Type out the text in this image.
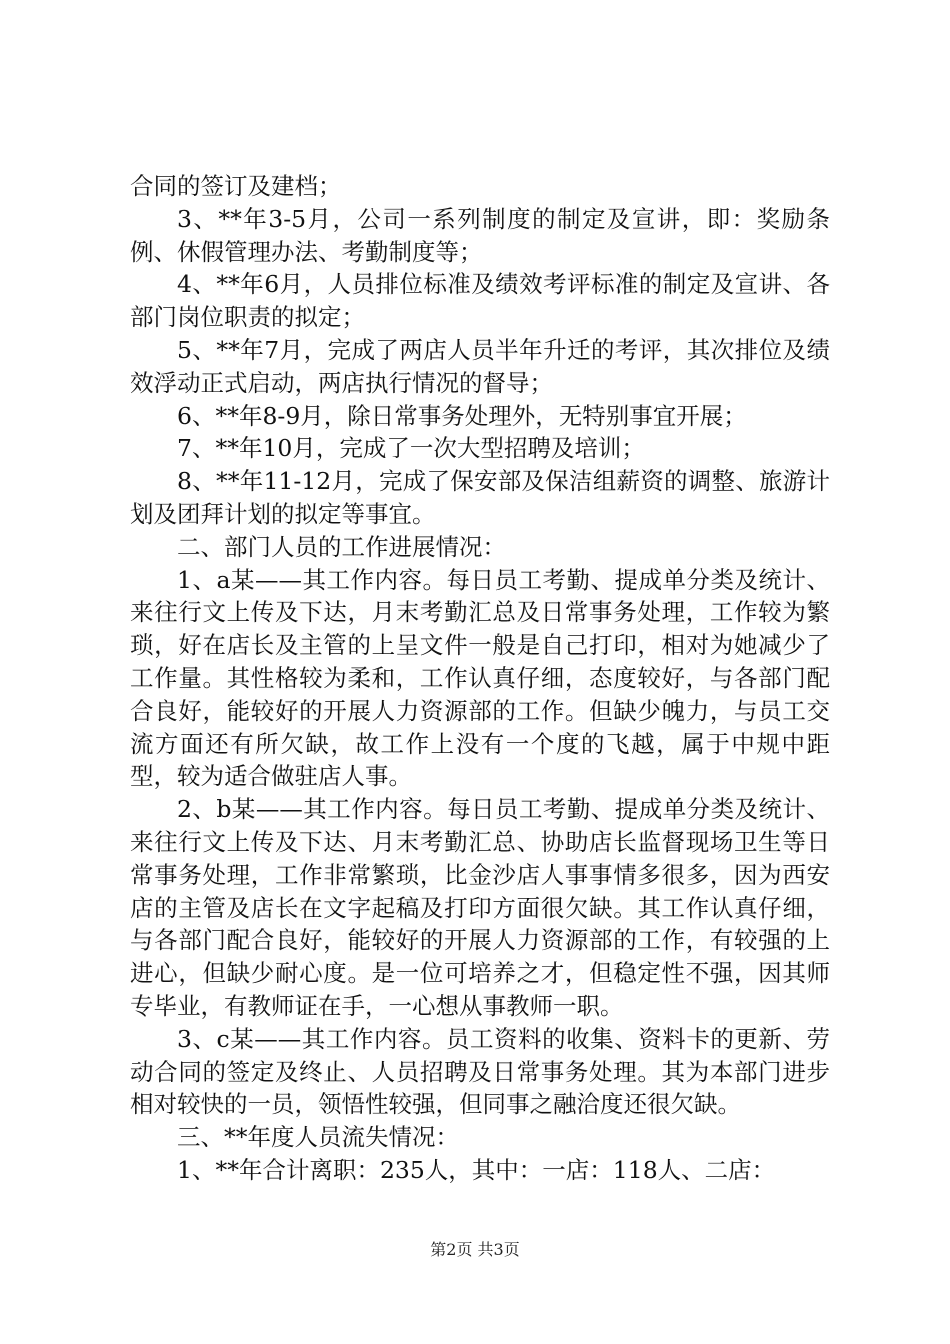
合同的签订及建档；

3、**年3-5月，公司一系列制度的制定及宣讲，即：奖励条例、休假管理办法、考勤制度等；

4、**年6月，人员排位标准及绩效考评标准的制定及宣讲、各部门岗位职责的拟定；

5、**年7月，完成了两店人员半年升迁的考评，其次排位及绩效浮动正式启动，两店执行情况的督导；

6、**年8-9月，除日常事务处理外，无特别事宜开展；

7、**年10月，完成了一次大型招聘及培训；

8、**年11-12月，完成了保安部及保洁组薪资的调整、旅游计划及团拜计划的拟定等事宜。

二、部门人员的工作进展情况：

1、a某——其工作内容。每日员工考勤、提成单分类及统计、来往行文上传及下达，月末考勤汇总及日常事务处理，工作较为繁琐，好在店长及主管的上呈文件一般是自己打印，相对为她减少了工作量。其性格较为柔和，工作认真仔细，态度较好，与各部门配合良好，能较好的开展人力资源部的工作。但缺少魄力，与员工交流方面还有所欠缺，故工作上没有一个度的飞越，属于中规中距型，较为适合做驻店人事。

2、b某——其工作内容。每日员工考勤、提成单分类及统计、来往行文上传及下达、月末考勤汇总、协助店长监督现场卫生等日常事务处理，工作非常繁琐，比金沙店人事事情多很多，因为西安店的主管及店长在文字起稿及打印方面很欠缺。其工作认真仔细，与各部门配合良好，能较好的开展人力资源部的工作，有较强的上进心，但缺少耐心度。是一位可培养之才，但稳定性不强，因其师专毕业，有教师证在手，一心想从事教师一职。

3、c某——其工作内容。员工资料的收集、资料卡的更新、劳动合同的签定及终止、人员招聘及日常事务处理。其为本部门进步相对较快的一员，领悟性较强，但同事之融洽度还很欠缺。

三、**年度人员流失情况：

1、**年合计离职：235人，其中：一店：118人、二店：

第2页 共3页
